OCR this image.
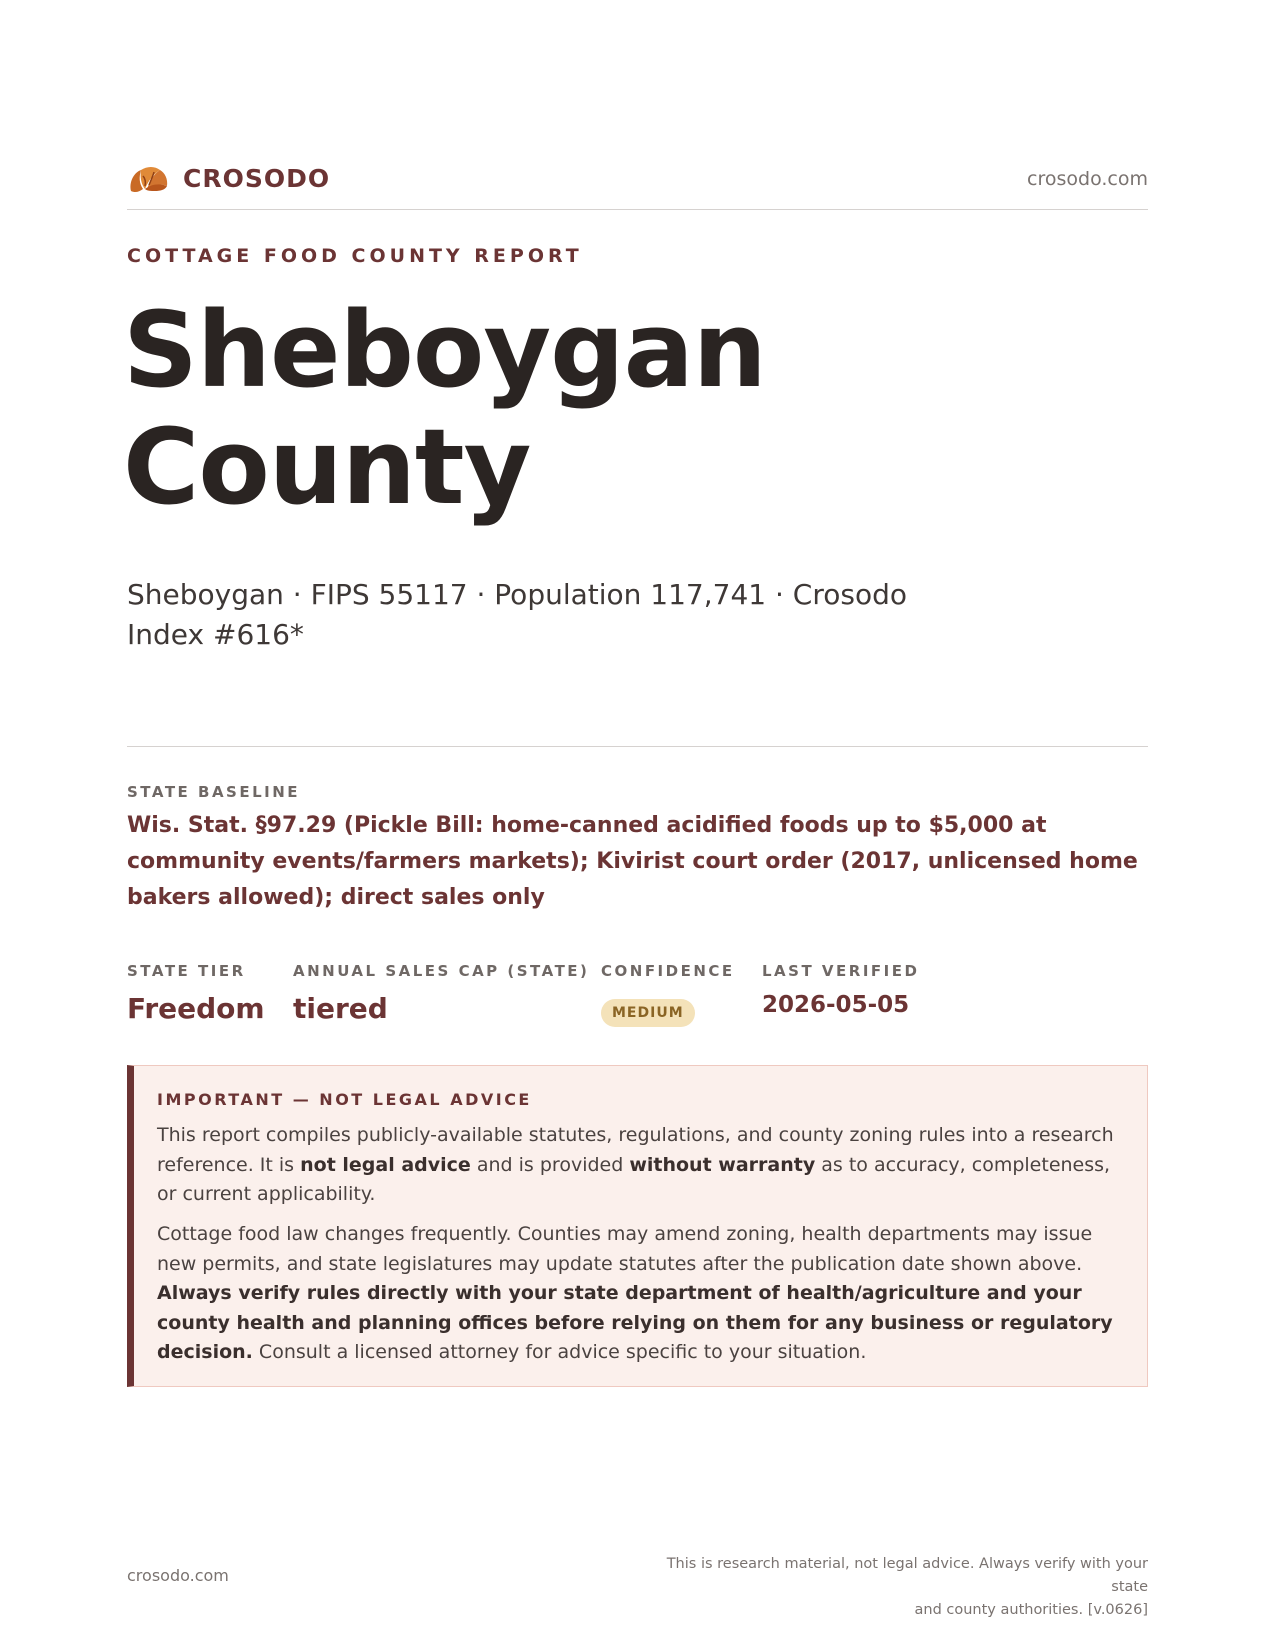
CROSODO	crosodo.com
COTTAGE FOOD COUNTY REPORT
Sheboygan
County
Sheboygan · FIPS 55117 · Population 117,741 · Crosodo Index #616*
STATE BASELINE
Wis. Stat. §97.29 (Pickle Bill: home-canned acidified foods up to $5,000 at community events/farmers markets); Kivirist court order (2017, unlicensed home bakers allowed); direct sales only
STATE TIER
Freedom
ANNUAL SALES CAP (STATE)
tiered
CONFIDENCE
MEDIUM
LAST VERIFIED
2026-05-05
IMPORTANT — NOT LEGAL ADVICE

This report compiles publicly-available statutes, regulations, and county zoning rules into a research reference. It is not legal advice and is provided without warranty as to accuracy, completeness, or current applicability.

Cottage food law changes frequently. Counties may amend zoning, health departments may issue new permits, and state legislatures may update statutes after the publication date shown above. Always verify rules directly with your state department of health/agriculture and your county health and planning offices before relying on them for any business or regulatory decision. Consult a licensed attorney for advice specific to your situation.

crosodo.com
This is research material, not legal advice. Always verify with your state
and county authorities. [v.0626]
